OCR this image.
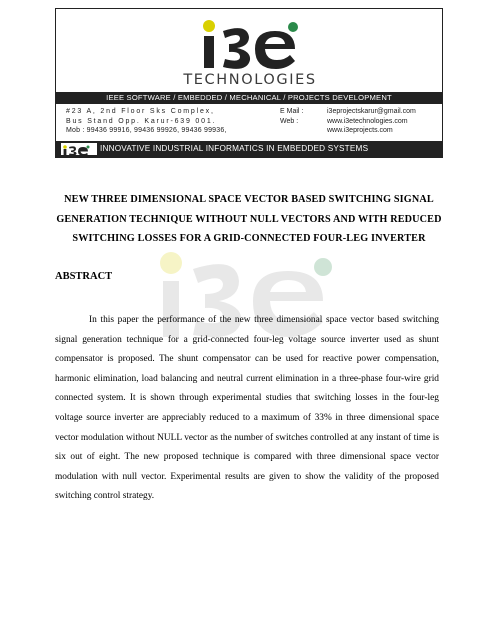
TECHNOLOGIES
IEEE SOFTWARE / EMBEDDED / MECHANICAL / PROJECTS DEVELOPMENT
#23 A, 2nd Floor Sks Complex,
Bus Stand Opp. Karur-639 001.
Mob : 99436 99916, 99436 99926, 99436 99936,
E Mail :	i3eprojectskarur@gmail.com
Web :	www.i3etechnologies.com
www.i3eprojects.com
INNOVATIVE INDUSTRIAL INFORMATICS IN EMBEDDED SYSTEMS
NEW THREE DIMENSIONAL SPACE VECTOR BASED SWITCHING SIGNAL
GENERATION TECHNIQUE WITHOUT NULL VECTORS AND WITH REDUCED
SWITCHING LOSSES FOR A GRID-CONNECTED FOUR-LEG INVERTER
ABSTRACT
In this paper the performance of the new three dimensional space vector based switching signal generation technique for a grid-connected four-leg voltage source inverter used as shunt compensator is proposed. The shunt compensator can be used for reactive power compensation, harmonic elimination, load balancing and neutral current elimination in a three-phase four-wire grid connected system. It is shown through experimental studies that switching losses in the four-leg voltage source inverter are appreciably reduced to a maximum of 33% in three dimensional space vector modulation without NULL vector as the number of switches controlled at any instant of time is six out of eight. The new proposed technique is compared with three dimensional space vector modulation with null vector. Experimental results are given to show the validity of the proposed switching control strategy.
